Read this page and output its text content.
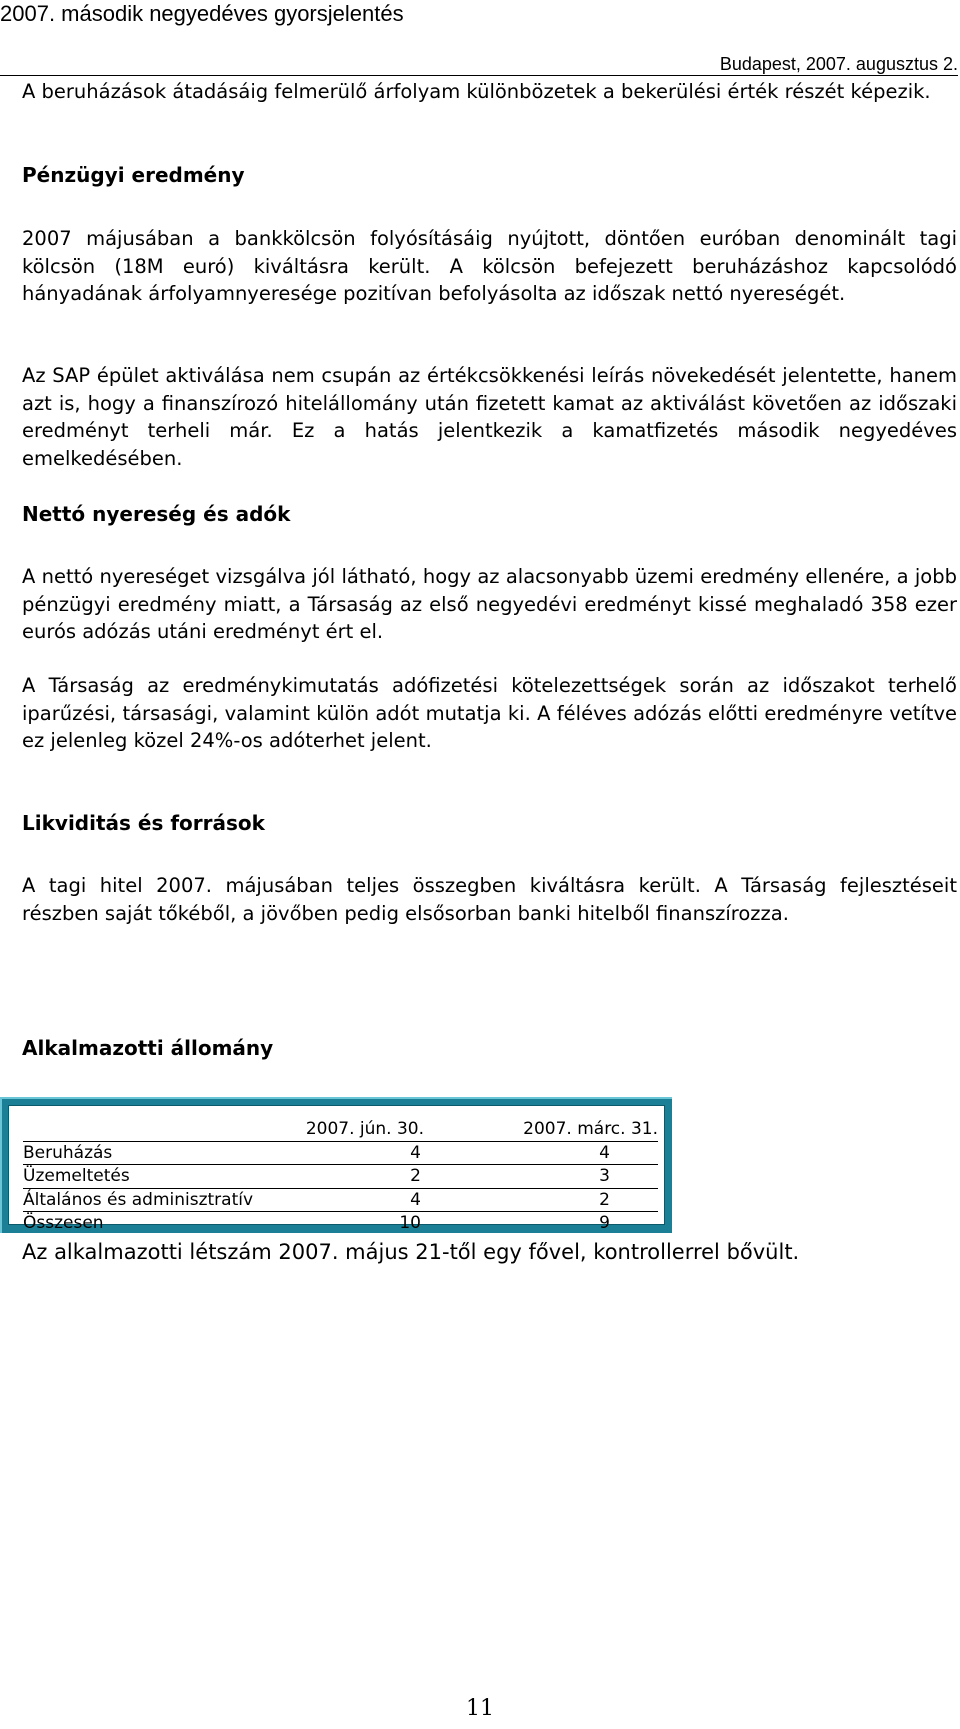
2007. második negyedéves gyorsjelentés
Budapest, 2007. augusztus 2.

A beruházások átadásáig felmerülő árfolyam különbözetek a bekerülési érték részét képezik.

Pénzügyi eredmény

2007 májusában a bankkölcsön folyósításáig nyújtott, döntően euróban denominált tagi kölcsön (18M euró) kiváltásra került. A kölcsön befejezett beruházáshoz kapcsolódó hányadának árfolyamnyeresége pozitívan befolyásolta az időszak nettó nyereségét.

Az SAP épület aktiválása nem csupán az értékcsökkenési leírás növekedését jelentette, hanem azt is, hogy a finanszírozó hitelállomány után fizetett kamat az aktiválást követően az időszaki eredményt terheli már. Ez a hatás jelentkezik a kamatfizetés második negyedéves emelkedésében.

Nettó nyereség és adók

A nettó nyereséget vizsgálva jól látható, hogy az alacsonyabb üzemi eredmény ellenére, a jobb pénzügyi eredmény miatt, a Társaság az első negyedévi eredményt kissé meghaladó 358 ezer eurós adózás utáni eredményt ért el.

A Társaság az eredménykimutatás adófizetési kötelezettségek során az időszakot terhelő iparűzési, társasági, valamint külön adót mutatja ki. A féléves adózás előtti eredményre vetítve ez jelenleg közel 24%-os adóterhet jelent.

Likviditás és források

A tagi hitel 2007. májusában teljes összegben kiváltásra került. A Társaság fejlesztéseit részben saját tőkéből, a jövőben pedig elsősorban banki hitelből finanszírozza.

Alkalmazotti állomány
	2007. jún. 30.	2007. márc. 31.
Beruházás	4	4
Üzemeltetés	2	3
Általános és adminisztratív	4	2
Összesen	10	9

Az alkalmazotti létszám 2007. május 21-től egy fővel, kontrollerrel bővült.

11
